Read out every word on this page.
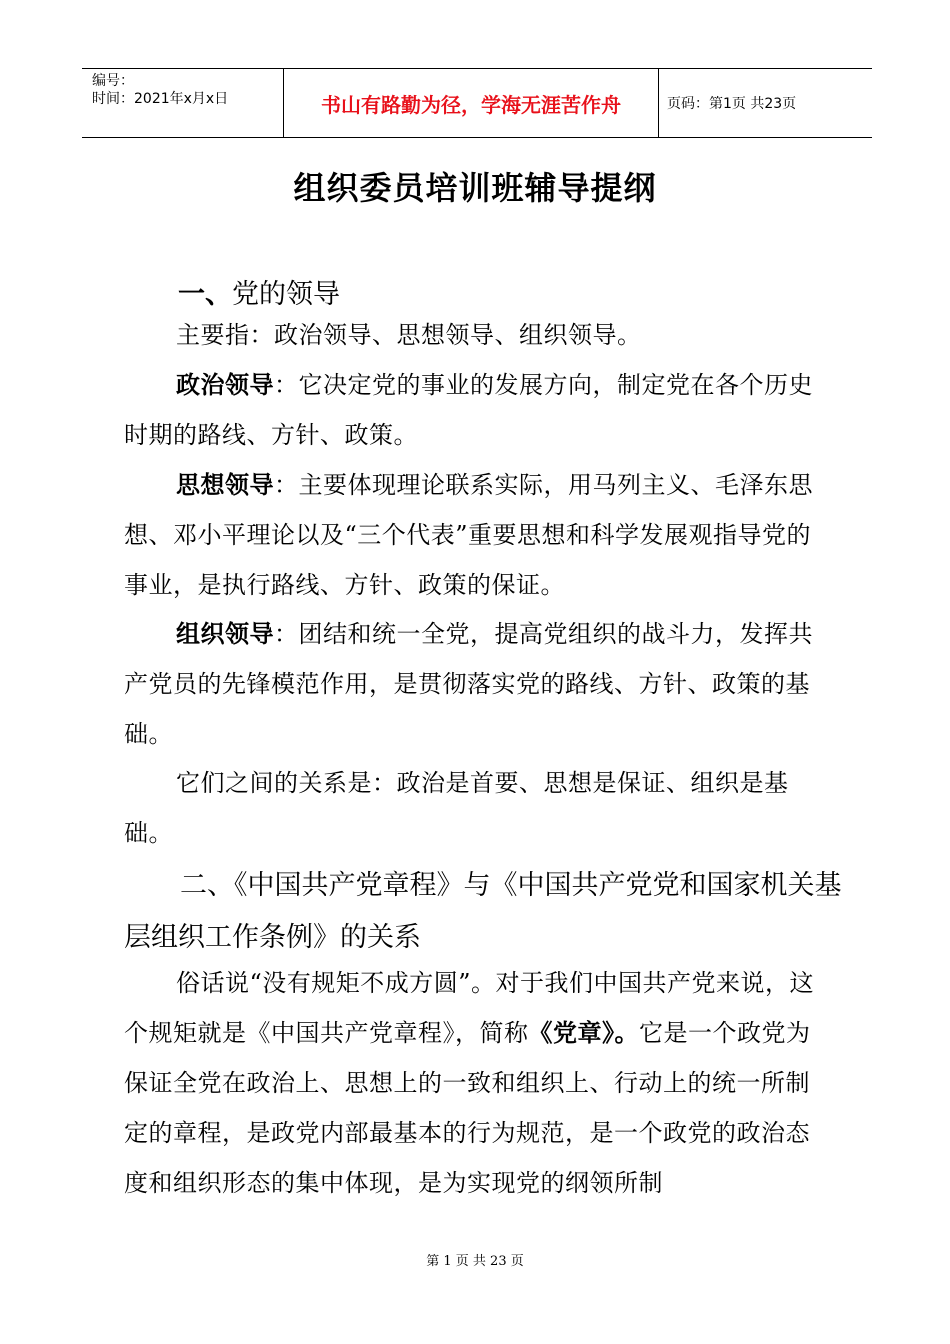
编号：
时间：2021年x月x日	书山有路勤为径，学海无涯苦作舟	页码：第1页 共23页
组织委员培训班辅导提纲
一、党的领导

主要指：政治领导、思想领导、组织领导。

政治领导：它决定党的事业的发展方向，制定党在各个历史时期的路线、方针、政策。

思想领导：主要体现理论联系实际，用马列主义、毛泽东思想、邓小平理论以及“三个代表”重要思想和科学发展观指导党的事业，是执行路线、方针、政策的保证。

组织领导：团结和统一全党，提高党组织的战斗力，发挥共产党员的先锋模范作用，是贯彻落实党的路线、方针、政策的基础。

它们之间的关系是：政治是首要、思想是保证、组织是基础。

二、《中国共产党章程》与《中国共产党党和国家机关基层组织工作条例》的关系

俗话说“没有规矩不成方圆”。对于我们中国共产党来说，这个规矩就是《中国共产党章程》，简称《党章》。它是一个政党为保证全党在政治上、思想上的一致和组织上、行动上的统一所制定的章程，是政党内部最基本的行为规范，是一个政党的政治态度和组织形态的集中体现，是为实现党的纲领所制

第 1 页 共 23 页
